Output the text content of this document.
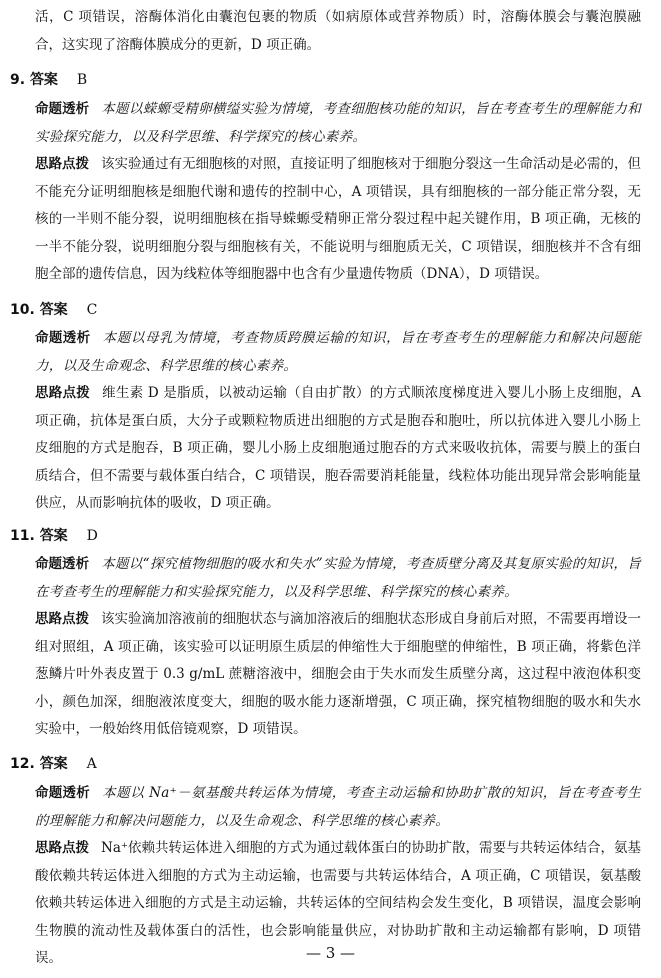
活，C 项错误，溶酶体消化由囊泡包裹的物质（如病原体或营养物质）时，溶酶体膜会与囊泡膜融合，这实现了溶酶体膜成分的更新，D 项正确。

9. 答案 B

命题透析 本题以蝾螈受精卵横缢实验为情境，考查细胞核功能的知识，旨在考查考生的理解能力和实验探究能力，以及科学思维、科学探究的核心素养。

思路点拨 该实验通过有无细胞核的对照，直接证明了细胞核对于细胞分裂这一生命活动是必需的，但不能充分证明细胞核是细胞代谢和遗传的控制中心，A 项错误，具有细胞核的一部分能正常分裂，无核的一半则不能分裂，说明细胞核在指导蝾螈受精卵正常分裂过程中起关键作用，B 项正确，无核的一半不能分裂，说明细胞分裂与细胞核有关，不能说明与细胞质无关，C 项错误，细胞核并不含有细胞全部的遗传信息，因为线粒体等细胞器中也含有少量遗传物质（DNA），D 项错误。

10. 答案 C

命题透析 本题以母乳为情境，考查物质跨膜运输的知识，旨在考查考生的理解能力和解决问题能力，以及生命观念、科学思维的核心素养。

思路点拨 维生素 D 是脂质，以被动运输（自由扩散）的方式顺浓度梯度进入婴儿小肠上皮细胞，A 项正确，抗体是蛋白质，大分子或颗粒物质进出细胞的方式是胞吞和胞吐，所以抗体进入婴儿小肠上皮细胞的方式是胞吞，B 项正确，婴儿小肠上皮细胞通过胞吞的方式来吸收抗体，需要与膜上的蛋白质结合，但不需要与载体蛋白结合，C 项错误，胞吞需要消耗能量，线粒体功能出现异常会影响能量供应，从而影响抗体的吸收，D 项正确。

11. 答案 D

命题透析 本题以“探究植物细胞的吸水和失水”实验为情境，考查质壁分离及其复原实验的知识，旨在考查考生的理解能力和实验探究能力，以及科学思维、科学探究的核心素养。

思路点拨 该实验滴加溶液前的细胞状态与滴加溶液后的细胞状态形成自身前后对照，不需要再增设一组对照组，A 项正确，该实验可以证明原生质层的伸缩性大于细胞壁的伸缩性，B 项正确，将紫色洋葱鳞片叶外表皮置于 0.3 g/mL 蔗糖溶液中，细胞会由于失水而发生质壁分离，这过程中液泡体积变小，颜色加深，细胞液浓度变大，细胞的吸水能力逐渐增强，C 项正确，探究植物细胞的吸水和失水实验中，一般始终用低倍镜观察，D 项错误。

12. 答案 A

命题透析 本题以 Na⁺－氨基酸共转运体为情境，考查主动运输和协助扩散的知识，旨在考查考生的理解能力和解决问题能力，以及生命观念、科学思维的核心素养。

思路点拨 Na⁺依赖共转运体进入细胞的方式为通过载体蛋白的协助扩散，需要与共转运体结合，氨基酸依赖共转运体进入细胞的方式为主动运输，也需要与共转运体结合，A 项正确，C 项错误，氨基酸依赖共转运体进入细胞的方式是主动运输，共转运体的空间结构会发生变化，B 项错误，温度会影响生物膜的流动性及载体蛋白的活性，也会影响能量供应，对协助扩散和主动运输都有影响，D 项错误。	— 3 —
